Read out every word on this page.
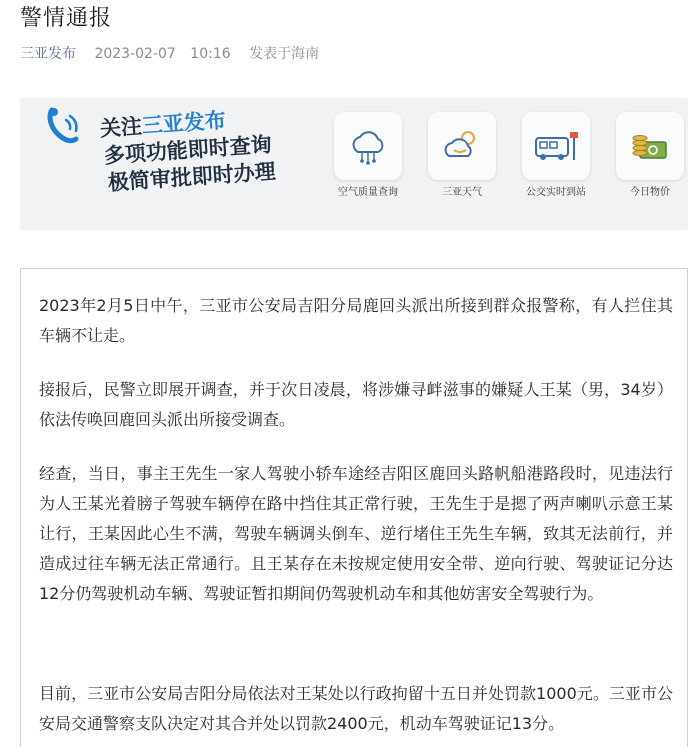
警情通报
三亚发布 2023-02-07 10:16 发表于海南
关注三亚发布
多项功能即时查询
极简审批即时办理	空气质量查询	三亚天气	公交实时到站	今日物价

2023年2月5日中午，三亚市公安局吉阳分局鹿回头派出所接到群众报警称，有人拦住其车辆不让走。

接报后，民警立即展开调查，并于次日凌晨，将涉嫌寻衅滋事的嫌疑人王某（男，34岁）依法传唤回鹿回头派出所接受调查。

经查，当日，事主王先生一家人驾驶小轿车途经吉阳区鹿回头路帆船港路段时，见违法行为人王某光着膀子驾驶车辆停在路中挡住其正常行驶，王先生于是摁了两声喇叭示意王某让行，王某因此心生不满，驾驶车辆调头倒车、逆行堵住王先生车辆，致其无法前行，并造成过往车辆无法正常通行。且王某存在未按规定使用安全带、逆向行驶、驾驶证记分达12分仍驾驶机动车辆、驾驶证暂扣期间仍驾驶机动车和其他妨害安全驾驶行为。

目前，三亚市公安局吉阳分局依法对王某处以行政拘留十五日并处罚款1000元。三亚市公安局交通警察支队决定对其合并处以罚款2400元，机动车驾驶证记13分。
